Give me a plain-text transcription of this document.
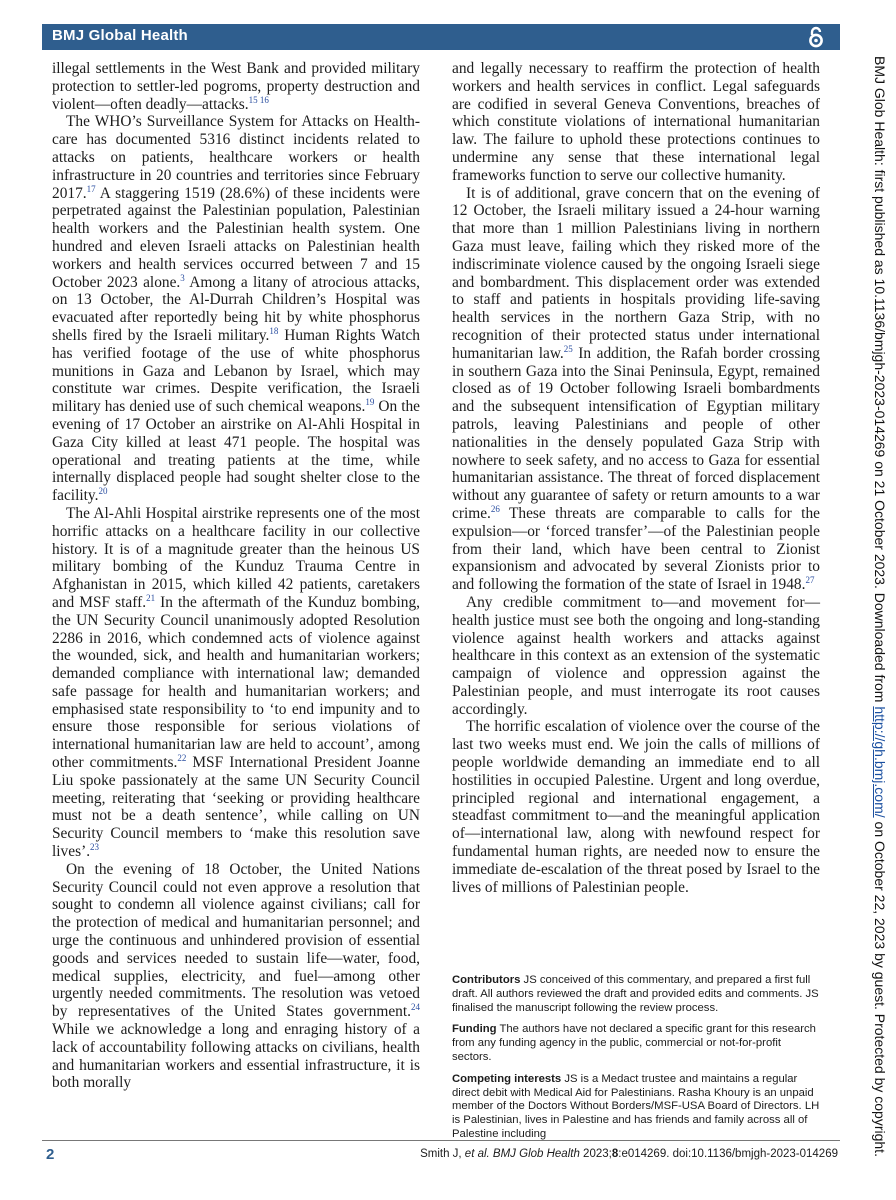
BMJ Global Health
BMJ Glob Health: first published as 10.1136/bmjgh-2023-014269 on 21 October 2023. Downloaded from http://gh.bmj.com/ on October 22, 2023 by guest. Protected by copyright.

illegal settlements in the West Bank and provided military protection to settler-led pogroms, property destruction and violent—often deadly—attacks.$^{15 16}$

The WHO’s Surveillance System for Attacks on Health-care has documented 5316 distinct incidents related to attacks on patients, healthcare workers or health infrastructure in 20 countries and territories since February 2017.17 A staggering 1519 (28.6%) of these incidents were perpetrated against the Palestinian population, Palestinian health workers and the Palestinian health system. One hundred and eleven Israeli attacks on Palestinian health workers and health services occurred between 7 and 15 October 2023 alone.$^3$ Among a litany of atrocious attacks, on 13 October, the Al-Durrah Children’s Hospital was evacuated after reportedly being hit by white phosphorus shells fired by the Israeli military.$^{18}$ Human Rights Watch has verified footage of the use of white phosphorus munitions in Gaza and Lebanon by Israel, which may constitute war crimes. Despite verification, the Israeli military has denied use of such chemical weapons.$^{19}$ On the evening of 17 October an airstrike on Al-Ahli Hospital in Gaza City killed at least 471 people. The hospital was operational and treating patients at the time, while internally displaced people had sought shelter close to the facility.$^{20}$

The Al-Ahli Hospital airstrike represents one of the most horrific attacks on a healthcare facility in our collective history. It is of a magnitude greater than the heinous US military bombing of the Kunduz Trauma Centre in Afghanistan in 2015, which killed 42 patients, caretakers and MSF staff.$^{21}$ In the aftermath of the Kunduz bombing, the UN Security Council unanimously adopted Resolution 2286 in 2016, which condemned acts of violence against the wounded, sick, and health and humanitarian workers; demanded compliance with international law; demanded safe passage for health and humanitarian workers; and emphasised state responsibility to ‘to end impunity and to ensure those responsible for serious violations of international humanitarian law are held to account’, among other commitments.$^{22}$ MSF International President Joanne Liu spoke passionately at the same UN Security Council meeting, reiterating that ‘seeking or providing healthcare must not be a death sentence’, while calling on UN Security Council members to ‘make this resolution save lives’.$^{23}$

On the evening of 18 October, the United Nations Security Council could not even approve a resolution that sought to condemn all violence against civilians; call for the protection of medical and humanitarian personnel; and urge the continuous and unhindered provision of essential goods and services needed to sustain life—water, food, medical supplies, electricity, and fuel—among other urgently needed commitments. The resolution was vetoed by representatives of the United States government.$^{24}$ While we acknowledge a long and enraging history of a lack of accountability following attacks on civilians, health and humanitarian workers and essential infrastructure, it is both morally

and legally necessary to reaffirm the protection of health workers and health services in conflict. Legal safeguards are codified in several Geneva Conventions, breaches of which constitute violations of international humanitarian law. The failure to uphold these protections continues to undermine any sense that these international legal frameworks function to serve our collective humanity.

It is of additional, grave concern that on the evening of 12 October, the Israeli military issued a 24-hour warning that more than 1 million Palestinians living in northern Gaza must leave, failing which they risked more of the indiscriminate violence caused by the ongoing Israeli siege and bombardment. This displacement order was extended to staff and patients in hospitals providing life-saving health services in the northern Gaza Strip, with no recognition of their protected status under international humanitarian law.$^{25}$ In addition, the Rafah border crossing in southern Gaza into the Sinai Peninsula, Egypt, remained closed as of 19 October following Israeli bombardments and the subsequent intensification of Egyptian military patrols, leaving Palestinians and people of other nationalities in the densely populated Gaza Strip with nowhere to seek safety, and no access to Gaza for essential humanitarian assistance. The threat of forced displacement without any guarantee of safety or return amounts to a war crime.$^{26}$ These threats are comparable to calls for the expulsion—or ‘forced transfer’—of the Palestinian people from their land, which have been central to Zionist expansionism and advocated by several Zionists prior to and following the formation of the state of Israel in 1948.27

Any credible commitment to—and movement for—health justice must see both the ongoing and long-standing violence against health workers and attacks against healthcare in this context as an extension of the systematic campaign of violence and oppression against the Palestinian people, and must interrogate its root causes accordingly.

The horrific escalation of violence over the course of the last two weeks must end. We join the calls of millions of people worldwide demanding an immediate end to all hostilities in occupied Palestine. Urgent and long overdue, principled regional and international engagement, a steadfast commitment to—and the meaningful application of—international law, along with newfound respect for fundamental human rights, are needed now to ensure the immediate de-escalation of the threat posed by Israel to the lives of millions of Palestinian people.

Contributors JS conceived of this commentary, and prepared a first full draft. All authors reviewed the draft and provided edits and comments. JS finalised the manuscript following the review process.

Funding The authors have not declared a specific grant for this research from any funding agency in the public, commercial or not-for-profit sectors.

Competing interests JS is a Medact trustee and maintains a regular direct debit with Medical Aid for Palestinians. Rasha Khoury is an unpaid member of the Doctors Without Borders/MSF-USA Board of Directors. LH is Palestinian, lives in Palestine and has friends and family across all of Palestine including

2	Smith J, et al. BMJ Glob Health 2023;8:e014269. doi:10.1136/bmjgh-2023-014269
